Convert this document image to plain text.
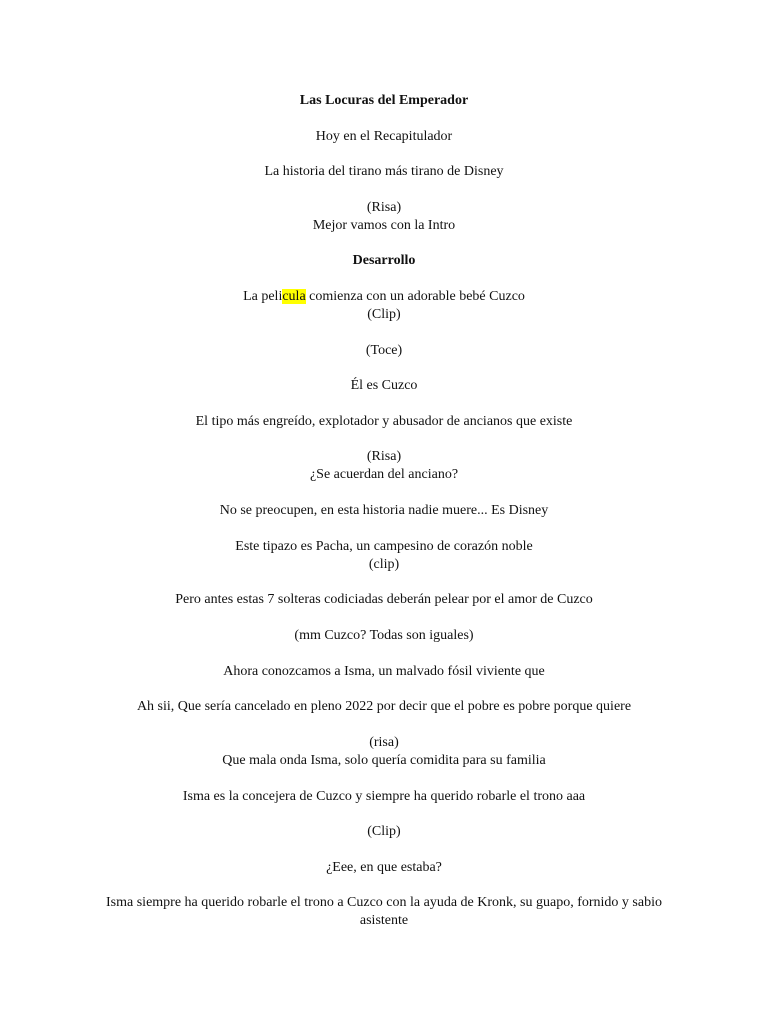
Las Locuras del Emperador
Hoy en el Recapitulador
La historia del tirano más tirano de Disney
(Risa)
Mejor vamos con la Intro
Desarrollo
La pelicula comienza con un adorable bebé Cuzco
(Clip)
(Toce)
Él es Cuzco
El tipo más engreído, explotador y abusador de ancianos que existe
(Risa)
¿Se acuerdan del anciano?
No se preocupen, en esta historia nadie muere... Es Disney
Este tipazo es Pacha, un campesino de corazón noble
(clip)
Pero antes estas 7 solteras codiciadas deberán pelear por el amor de Cuzco
(mm Cuzco? Todas son iguales)
Ahora conozcamos a Isma, un malvado fósil viviente que
Ah sii, Que sería cancelado en pleno 2022 por decir que el pobre es pobre porque quiere
(risa)
Que mala onda Isma, solo quería comidita para su familia
Isma es la concejera de Cuzco y siempre ha querido robarle el trono aaa
(Clip)
¿Eee, en que estaba?
Isma siempre ha querido robarle el trono a Cuzco con la ayuda de Kronk, su guapo, fornido y sabio asistente
